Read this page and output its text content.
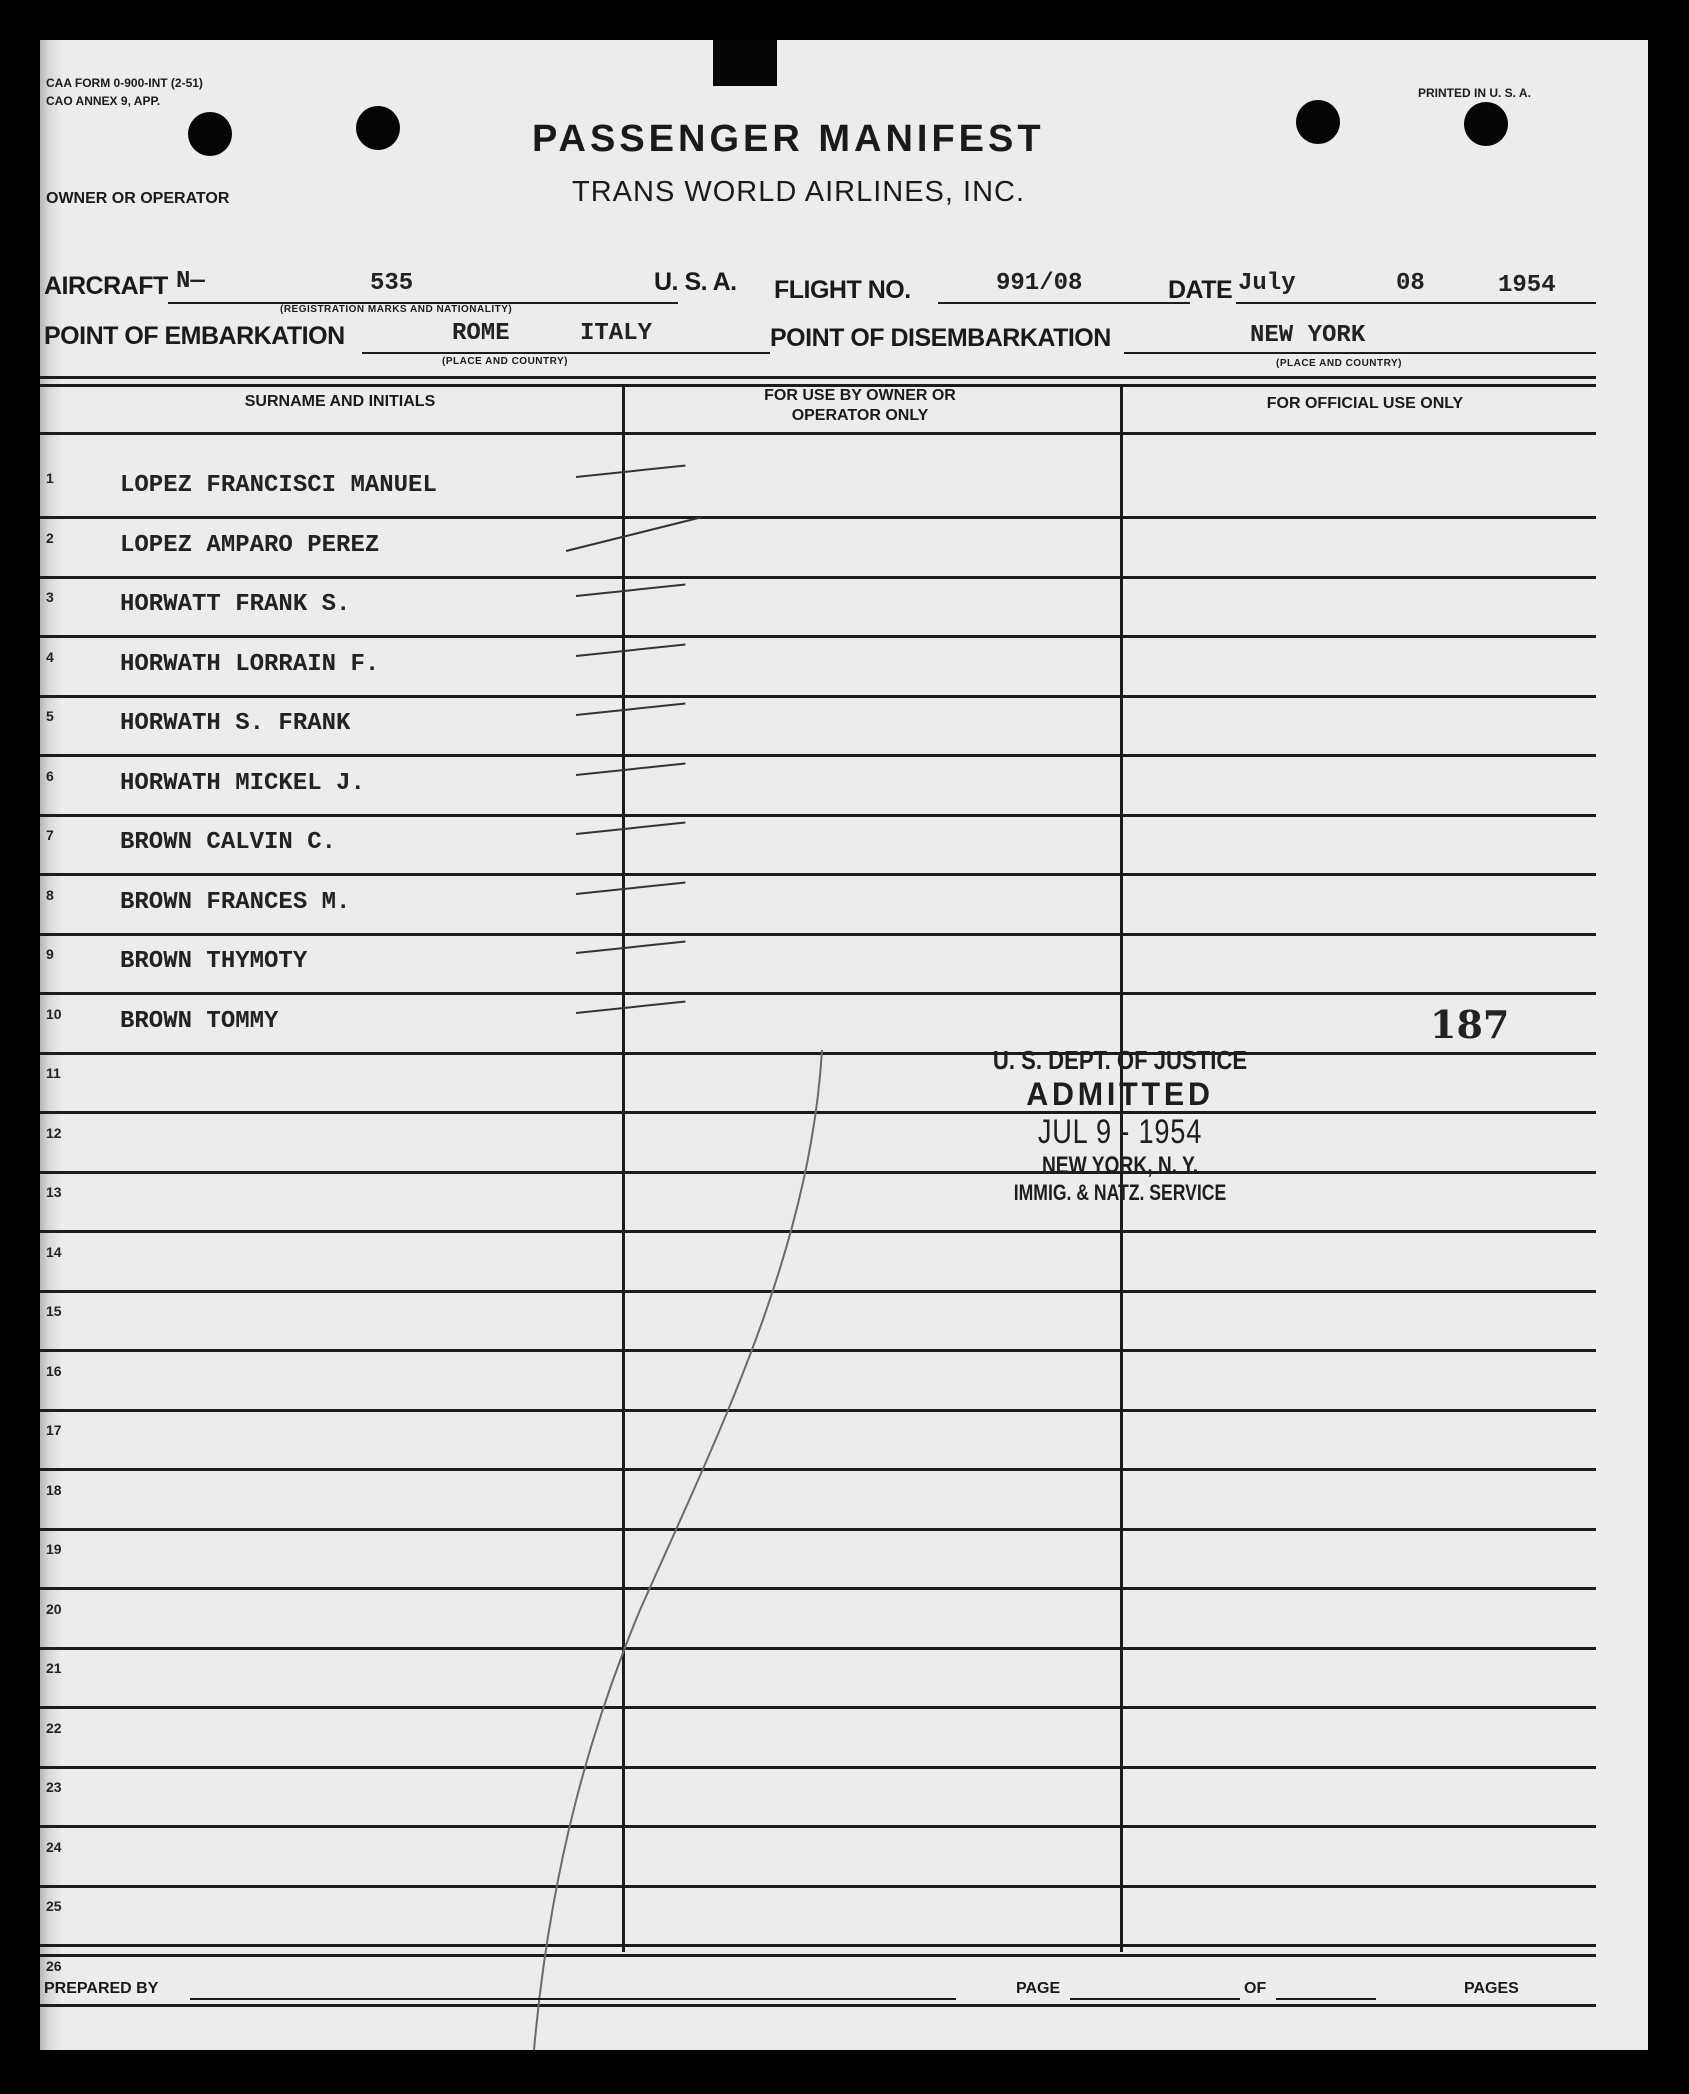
CAA FORM 0-900-INT (2-51)
CAO ANNEX 9, APP.
PRINTED IN U. S. A.
OWNER OR OPERATOR
PASSENGER MANIFEST
TRANS WORLD AIRLINES, INC.
AIRCRAFT N—	535
(REGISTRATION MARKS AND NATIONALITY)
U. S. A. FLIGHT NO.	991/08	DATE July	08	1954
POINT OF EMBARKATION	ROME	ITALY
(PLACE AND COUNTRY)
POINT OF DISEMBARKATION	NEW YORK
(PLACE AND COUNTRY)
SURNAME AND INITIALS	FOR USE BY OWNER OR OPERATOR ONLY
FOR OFFICIAL USE ONLY
1	LOPEZ FRANCISCI MANUEL
2	LOPEZ AMPARO PEREZ
3	HORWATT FRANK S.
4	HORWATH LORRAIN F.
5	HORWATH S. FRANK
6	HORWATH MICKEL J.
7	BROWN CALVIN C.
8	BROWN FRANCES M.
9	BROWN THYMOTY
10 BROWN TOMMY
11
12
13
14
15
16
17
18
19
20
21
22
23
24
25
26
187
U. S. DEPT. OF JUSTICE
ADMITTED
JUL 9 - 1954
NEW YORK, N. Y.
IMMIG. & NATZ. SERVICE
PREPARED BY	PAGE	OF	PAGES
